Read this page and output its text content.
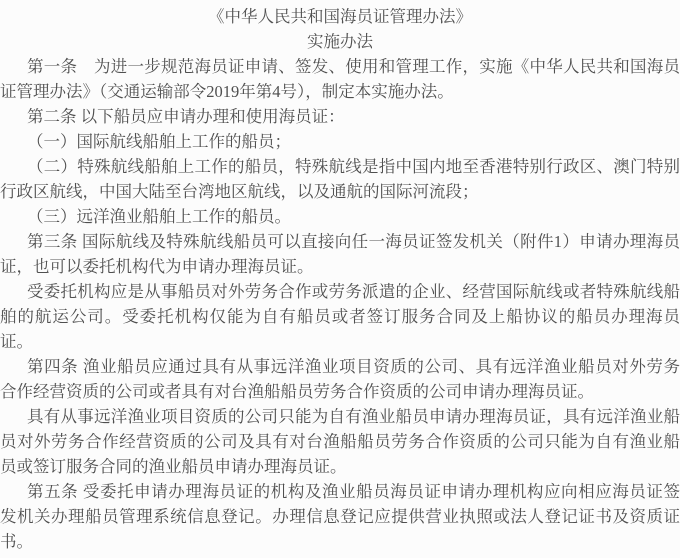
《中华人民共和国海员证管理办法》
实施办法
第一条　为进一步规范海员证申请、签发、使用和管理工作，实施《中华人民共和国海员
证管理办法》（交通运输部令2019年第4号），制定本实施办法。
第二条 以下船员应申请办理和使用海员证：
（一）国际航线船舶上工作的船员；
（二）特殊航线船舶上工作的船员，特殊航线是指中国内地至香港特别行政区、澳门特别
行政区航线，中国大陆至台湾地区航线，以及通航的国际河流段；
（三）远洋渔业船舶上工作的船员。
第三条 国际航线及特殊航线船员可以直接向任一海员证签发机关（附件1）申请办理海员
证，也可以委托机构代为申请办理海员证。
受委托机构应是从事船员对外劳务合作或劳务派遣的企业、经营国际航线或者特殊航线船
舶的航运公司。受委托机构仅能为自有船员或者签订服务合同及上船协议的船员办理海员
证。
第四条 渔业船员应通过具有从事远洋渔业项目资质的公司、具有远洋渔业船员对外劳务
合作经营资质的公司或者具有对台渔船船员劳务合作资质的公司申请办理海员证。
具有从事远洋渔业项目资质的公司只能为自有渔业船员申请办理海员证，具有远洋渔业船
员对外劳务合作经营资质的公司及具有对台渔船船员劳务合作资质的公司只能为自有渔业船
员或签订服务合同的渔业船员申请办理海员证。
第五条 受委托申请办理海员证的机构及渔业船员海员证申请办理机构应向相应海员证签
发机关办理船员管理系统信息登记。办理信息登记应提供营业执照或法人登记证书及资质证
书。
